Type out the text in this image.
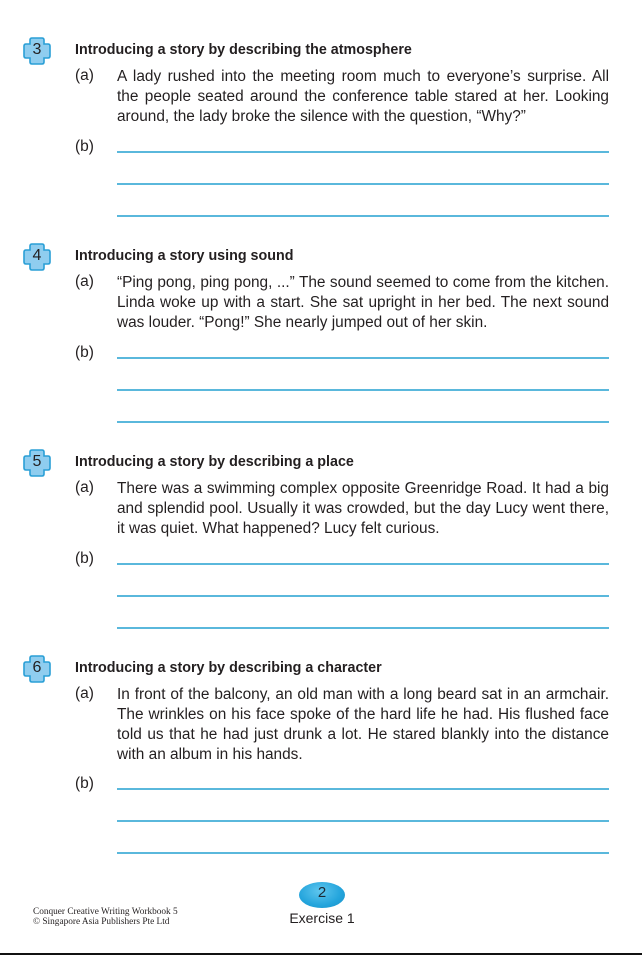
3	Introducing a story by describing the atmosphere
(a) A lady rushed into the meeting room much to everyone’s surprise. All the people seated around the conference table stared at her. Looking around, the lady broke the silence with the question, “Why?”
(b)
4	Introducing a story using sound
(a) “Ping pong, ping pong, ...” The sound seemed to come from the kitchen. Linda woke up with a start. She sat upright in her bed. The next sound was louder. “Pong!” She nearly jumped out of her skin.
(b)
5	Introducing a story by describing a place
(a) There was a swimming complex opposite Greenridge Road. It had a big and splendid pool. Usually it was crowded, but the day Lucy went there, it was quiet. What happened? Lucy felt curious.
(b)
6	Introducing a story by describing a character
(a) In front of the balcony, an old man with a long beard sat in an armchair. The wrinkles on his face spoke of the hard life he had. His flushed face told us that he had just drunk a lot. He stared blankly into the distance with an album in his hands.
(b)
Conquer Creative Writing Workbook 5
© Singapore Asia Publishers Pte Ltd
2
Exercise 1
